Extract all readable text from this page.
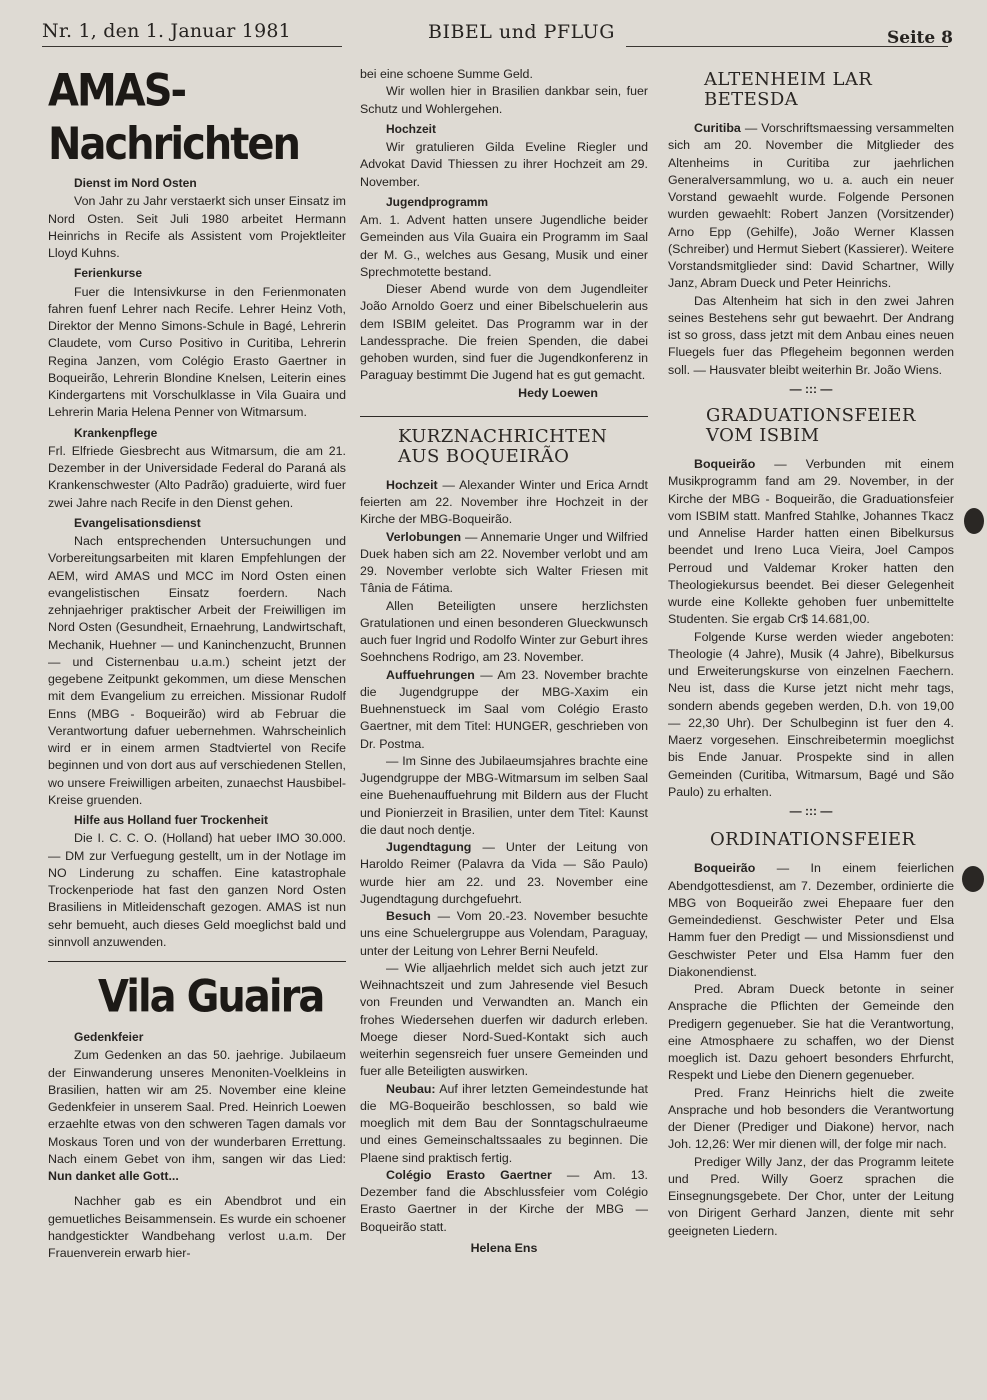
Nr. 1, den 1. Januar 1981	BIBEL und PFLUG	Seite 8
AMAS-Nachrichten
Dienst im Nord Osten

Von Jahr zu Jahr verstaerkt sich unser Einsatz im Nord Osten. Seit Juli 1980 arbeitet Hermann Heinrichs in Recife als Assistent vom Projektleiter Lloyd Kuhns.

Ferienkurse

Fuer die Intensivkurse in den Ferienmonaten fahren fuenf Lehrer nach Recife. Lehrer Heinz Voth, Direktor der Menno Simons-Schule in Bagé, Lehrerin Claudete, vom Curso Positivo in Curitiba, Lehrerin Regina Janzen, vom Colégio Erasto Gaertner in Boqueirão, Lehrerin Blondine Knelsen, Leiterin eines Kindergartens mit Vorschulklasse in Vila Guaira und Lehrerin Maria Helena Penner von Witmarsum.

Krankenpflege

Frl. Elfriede Giesbrecht aus Witmarsum, die am 21. Dezember in der Universidade Federal do Paraná als Krankenschwester (Alto Padrão) graduierte, wird fuer zwei Jahre nach Recife in den Dienst gehen.

Evangelisationsdienst

Nach entsprechenden Untersuchungen und Vorbereitungsarbeiten mit klaren Empfehlungen der AEM, wird AMAS und MCC im Nord Osten einen evangelistischen Einsatz foerdern. Nach zehnjaehriger praktischer Arbeit der Freiwilligen im Nord Osten (Gesundheit, Ernaehrung, Landwirtschaft, Mechanik, Huehner — und Kaninchenzucht, Brunnen — und Cisternenbau u.a.m.) scheint jetzt der gegebene Zeitpunkt gekommen, um diese Menschen mit dem Evangelium zu erreichen. Missionar Rudolf Enns (MBG - Boqueirão) wird ab Februar die Verantwortung dafuer uebernehmen. Wahrscheinlich wird er in einem armen Stadtviertel von Recife beginnen und von dort aus auf verschiedenen Stellen, wo unsere Freiwilligen arbeiten, zunaechst Hausbibel-Kreise gruenden.

Hilfe aus Holland fuer Trockenheit

Die I. C. C. O. (Holland) hat ueber IMO 30.000. — DM zur Verfuegung gestellt, um in der Notlage im NO Linderung zu schaffen. Eine katastrophale Trockenperiode hat fast den ganzen Nord Osten Brasiliens in Mitleidenschaft gezogen. AMAS ist nun sehr bemueht, auch dieses Geld moeglichst bald und sinnvoll anzuwenden.

Vila Guaira
Gedenkfeier

Zum Gedenken an das 50. jaehrige. Jubilaeum der Einwanderung unseres Menoniten-Voelkleins in Brasilien, hatten wir am 25. November eine kleine Gedenkfeier in unserem Saal. Pred. Heinrich Loewen erzaehlte etwas von den schweren Tagen damals vor Moskaus Toren und von der wunderbaren Errettung. Nach einem Gebet von ihm, sangen wir das Lied: Nun danket alle Gott...

Nachher gab es ein Abendbrot und ein gemuetliches Beisammensein. Es wurde ein schoener handgestickter Wandbehang verlost u.a.m. Der Frauenverein erwarb hier-

bei eine schoene Summe Geld.

Wir wollen hier in Brasilien dankbar sein, fuer Schutz und Wohlergehen.

Hochzeit

Wir gratulieren Gilda Eveline Riegler und Advokat David Thiessen zu ihrer Hochzeit am 29. November.

Jugendprogramm

Am. 1. Advent hatten unsere Jugendliche beider Gemeinden aus Vila Guaira ein Programm im Saal der M. G., welches aus Gesang, Musik und einer Sprechmotette bestand.

Dieser Abend wurde von dem Jugendleiter João Arnoldo Goerz und einer Bibelschuelerin aus dem ISBIM geleitet. Das Programm war in der Landessprache. Die freien Spenden, die dabei gehoben wurden, sind fuer die Jugendkonferenz in Paraguay bestimmt Die Jugend hat es gut gemacht.

Hedy Loewen
KURZNACHRICHTEN
AUS BOQUEIRÃO

Hochzeit — Alexander Winter und Erica Arndt feierten am 22. November ihre Hochzeit in der Kirche der MBG-Boqueirão.

Verlobungen — Annemarie Unger und Wilfried Duek haben sich am 22. November verlobt und am 29. November verlobte sich Walter Friesen mit Tânia de Fátima.

Allen Beteiligten unsere herzlichsten Gratulationen und einen besonderen Glueckwunsch auch fuer Ingrid und Rodolfo Winter zur Geburt ihres Soehnchens Rodrigo, am 23. November.

Auffuehrungen — Am 23. November brachte die Jugendgruppe der MBG-Xaxim ein Buehnenstueck im Saal vom Colégio Erasto Gaertner, mit dem Titel: HUNGER, geschrieben von Dr. Postma.

— Im Sinne des Jubilaeumsjahres brachte eine Jugendgruppe der MBG-Witmarsum im selben Saal eine Buehenauffuehrung mit Bildern aus der Flucht und Pionierzeit in Brasilien, unter dem Titel: Kaunst die daut noch dentje.

Jugendtagung — Unter der Leitung von Haroldo Reimer (Palavra da Vida — São Paulo) wurde hier am 22. und 23. November eine Jugendtagung durchgefuehrt.

Besuch — Vom 20.-23. November besuchte uns eine Schuelergruppe aus Volendam, Paraguay, unter der Leitung von Lehrer Berni Neufeld.

— Wie alljaehrlich meldet sich auch jetzt zur Weihnachtszeit und zum Jahresende viel Besuch von Freunden und Verwandten an. Manch ein frohes Wiedersehen duerfen wir dadurch erleben. Moege dieser Nord-Sued-Kontakt sich auch weiterhin segensreich fuer unsere Gemeinden und fuer alle Beteiligten auswirken.

Neubau: Auf ihrer letzten Gemeindestunde hat die MG-Boqueirão beschlossen, so bald wie moeglich mit dem Bau der Sonntagschulraeume und eines Gemeinschaltssaales zu beginnen. Die Plaene sind praktisch fertig.

Colégio Erasto Gaertner — Am. 13. Dezember fand die Abschlussfeier vom Colégio Erasto Gaertner in der Kirche der MBG — Boqueirão statt.

Helena Ens
ALTENHEIM LAR
BETESDA

Curitiba — Vorschriftsmaessing versammelten sich am 20. November die Mitglieder des Altenheims in Curitiba zur jaehrlichen Generalversammlung, wo u. a. auch ein neuer Vorstand gewaehlt wurde. Folgende Personen wurden gewaehlt: Robert Janzen (Vorsitzender) Arno Epp (Gehilfe), João Werner Klassen (Schreiber) und Hermut Siebert (Kassierer). Weitere Vorstandsmitglieder sind: David Schartner, Willy Janz, Abram Dueck und Peter Heinrichs.

Das Altenheim hat sich in den zwei Jahren seines Bestehens sehr gut bewaehrt. Der Andrang ist so gross, dass jetzt mit dem Anbau eines neuen Fluegels fuer das Pflegeheim begonnen werden soll. — Hausvater bleibt weiterhin Br. João Wiens.

— ::: —
GRADUATIONSFEIER
VOM ISBIM

Boqueirão — Verbunden mit einem Musikprogramm fand am 29. November, in der Kirche der MBG - Boqueirão, die Graduationsfeier vom ISBIM statt. Manfred Stahlke, Johannes Tkacz und Annelise Harder hatten einen Bibelkursus beendet und Ireno Luca Vieira, Joel Campos Perroud und Valdemar Kroker hatten den Theologiekursus beendet. Bei dieser Gelegenheit wurde eine Kollekte gehoben fuer unbemittelte Studenten. Sie ergab Cr$ 14.681,00.

Folgende Kurse werden wieder angeboten: Theologie (4 Jahre), Musik (4 Jahre), Bibelkursus und Erweiterungskurse von einzelnen Faechern. Neu ist, dass die Kurse jetzt nicht mehr tags, sondern abends gegeben werden, D.h. von 19,00 — 22,30 Uhr). Der Schulbeginn ist fuer den 4. Maerz vorgesehen. Einschreibetermin moeglichst bis Ende Januar. Prospekte sind in allen Gemeinden (Curitiba, Witmarsum, Bagé und São Paulo) zu erhalten.

— ::: —
ORDINATIONSFEIER

Boqueirão — In einem feierlichen Abendgottesdienst, am 7. Dezember, ordinierte die MBG von Boqueirão zwei Ehepaare fuer den Gemeindedienst. Geschwister Peter und Elsa Hamm fuer den Predigt — und Missionsdienst und Geschwister Peter und Elsa Hamm fuer den Diakonendienst.

Pred. Abram Dueck betonte in seiner Ansprache die Pflichten der Gemeinde den Predigern gegenueber. Sie hat die Verantwortung, eine Atmosphaere zu schaffen, wo der Dienst moeglich ist. Dazu gehoert besonders Ehrfurcht, Respekt und Liebe den Dienern gegenueber.

Pred. Franz Heinrichs hielt die zweite Ansprache und hob besonders die Verantwortung der Diener (Prediger und Diakone) hervor, nach Joh. 12,26: Wer mir dienen will, der folge mir nach.

Prediger Willy Janz, der das Programm leitete und Pred. Willy Goerz sprachen die Einsegnungsgebete. Der Chor, unter der Leitung von Dirigent Gerhard Janzen, diente mit sehr geeigneten Liedern.
